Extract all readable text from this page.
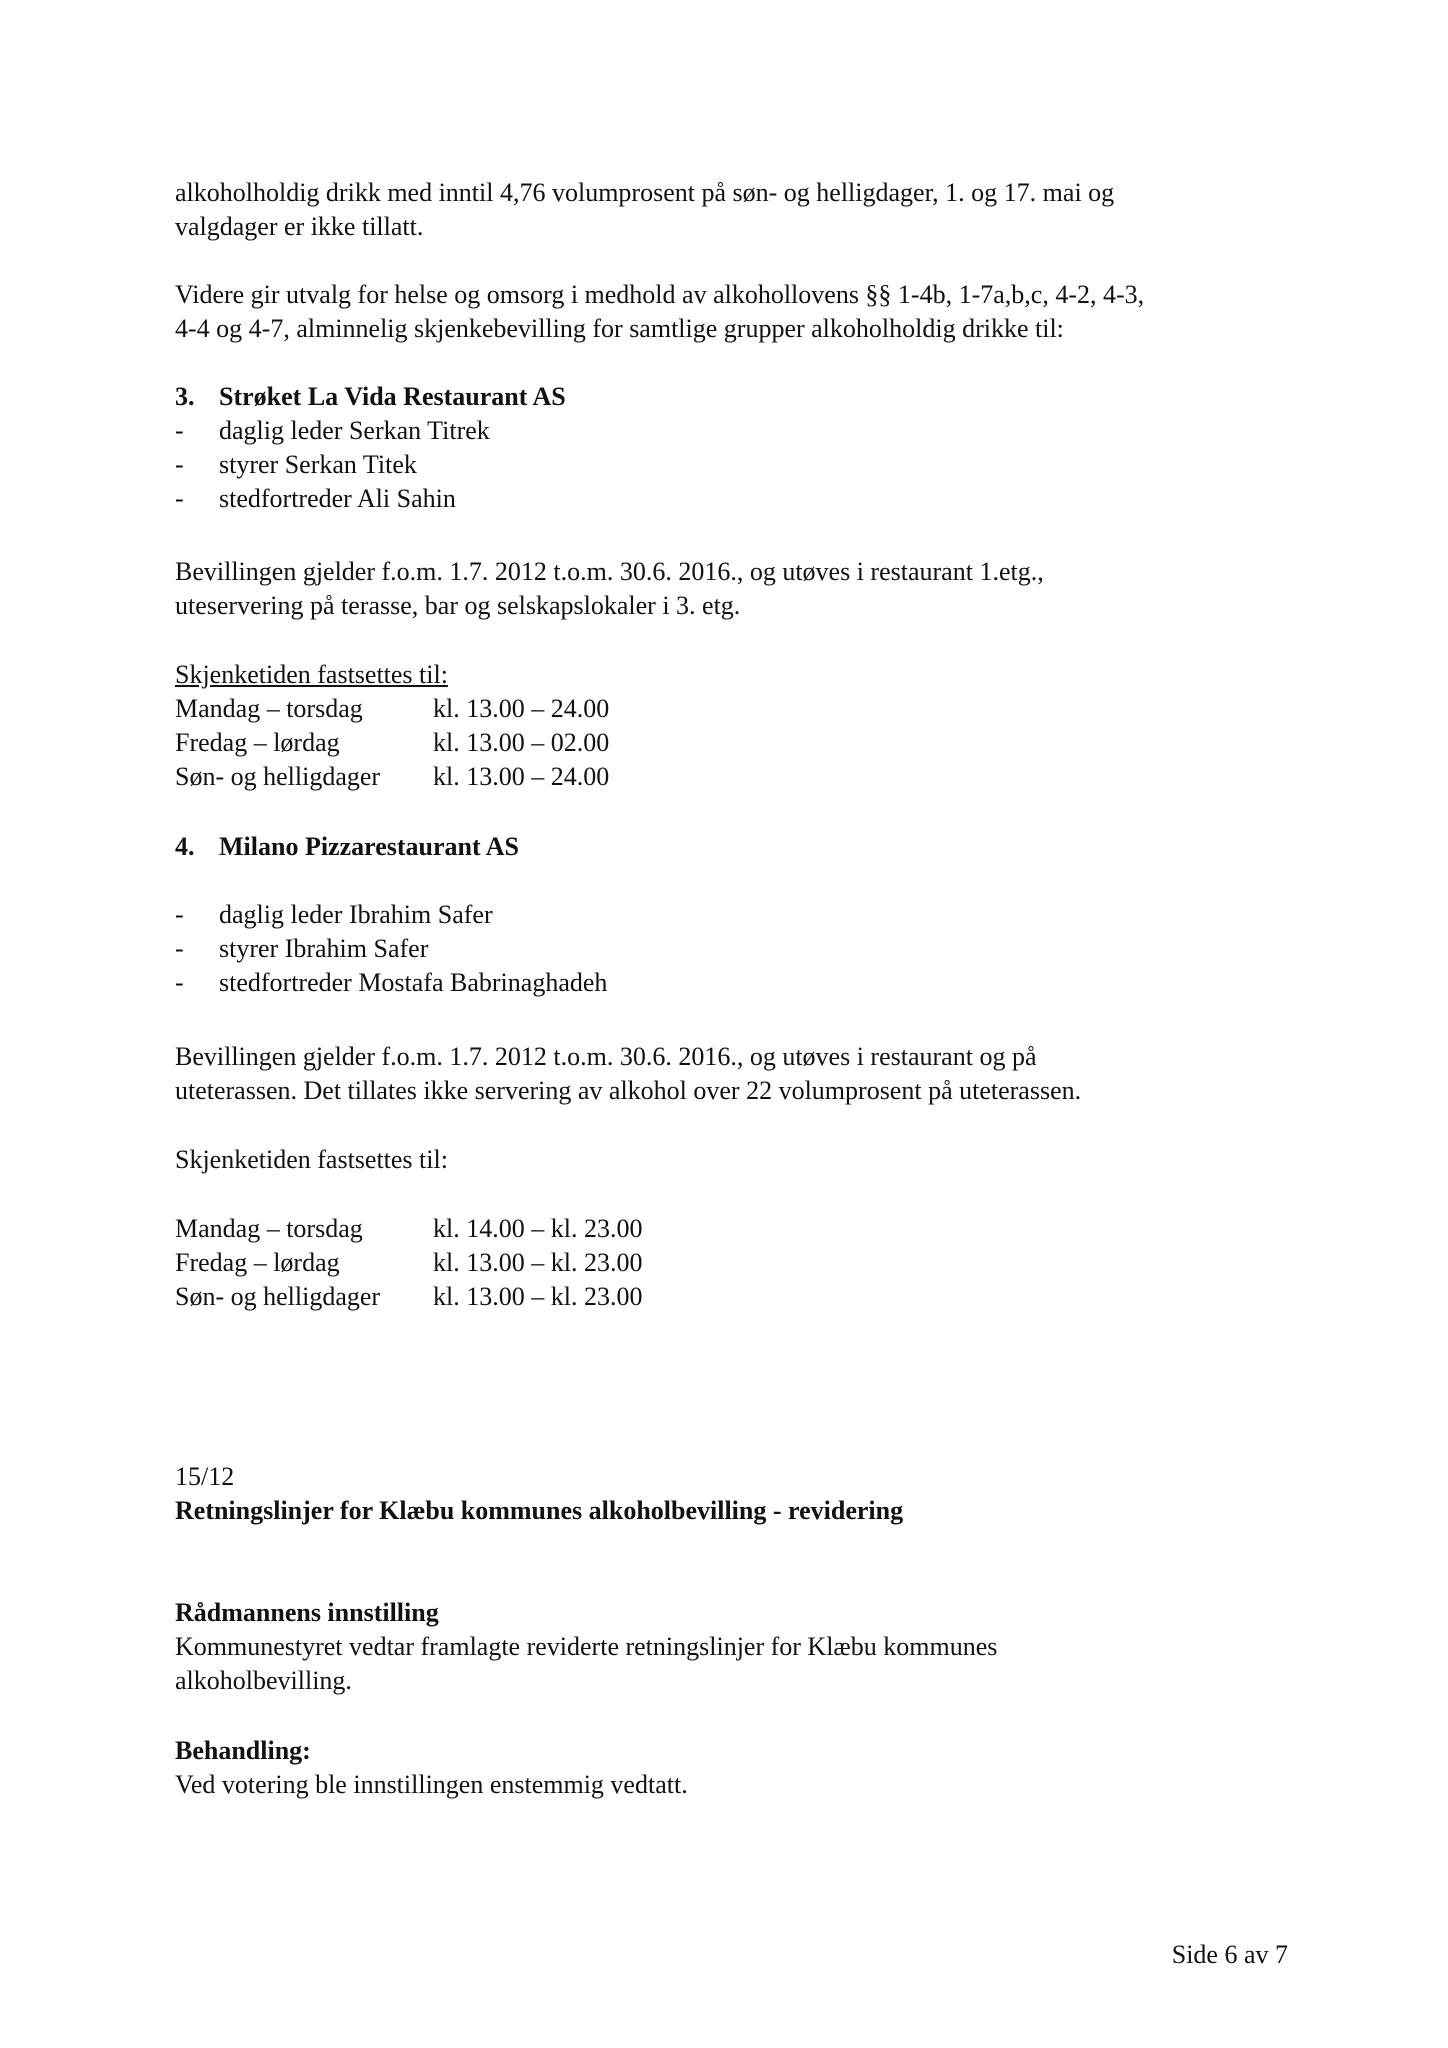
alkoholholdig drikk med inntil 4,76 volumprosent på søn- og helligdager, 1. og 17. mai og

valgdager er ikke tillatt.

Videre gir utvalg for helse og omsorg i medhold av alkohollovens §§ 1-4b, 1-7a,b,c, 4-2, 4-3,

4-4 og 4-7, alminnelig skjenkebevilling for samtlige grupper alkoholholdig drikke til:

3. Strøket La Vida Restaurant AS
-	daglig leder Serkan Titrek
-	styrer Serkan Titek
-	stedfortreder Ali Sahin

Bevillingen gjelder f.o.m. 1.7. 2012 t.o.m. 30.6. 2016., og utøves i restaurant 1.etg.,

uteservering på terasse, bar og selskapslokaler i 3. etg.

Skjenketiden fastsettes til:

Mandag – torsdag	kl. 13.00 – 24.00
Fredag – lørdag	kl. 13.00 – 02.00
Søn- og helligdager	kl. 13.00 – 24.00
4. Milano Pizzarestaurant AS
-	daglig leder Ibrahim Safer
-	styrer Ibrahim Safer
-	stedfortreder Mostafa Babrinaghadeh

Bevillingen gjelder f.o.m. 1.7. 2012 t.o.m. 30.6. 2016., og utøves i restaurant og på

uteterassen. Det tillates ikke servering av alkohol over 22 volumprosent på uteterassen.

Skjenketiden fastsettes til:

Mandag – torsdag	kl. 14.00 – kl. 23.00
Fredag – lørdag	kl. 13.00 – kl. 23.00
Søn- og helligdager	kl. 13.00 – kl. 23.00

15/12

Retningslinjer for Klæbu kommunes alkoholbevilling - revidering

Rådmannens innstilling

Kommunestyret vedtar framlagte reviderte retningslinjer for Klæbu kommunes

alkoholbevilling.

Behandling:

Ved votering ble innstillingen enstemmig vedtatt.

Side 6 av 7
